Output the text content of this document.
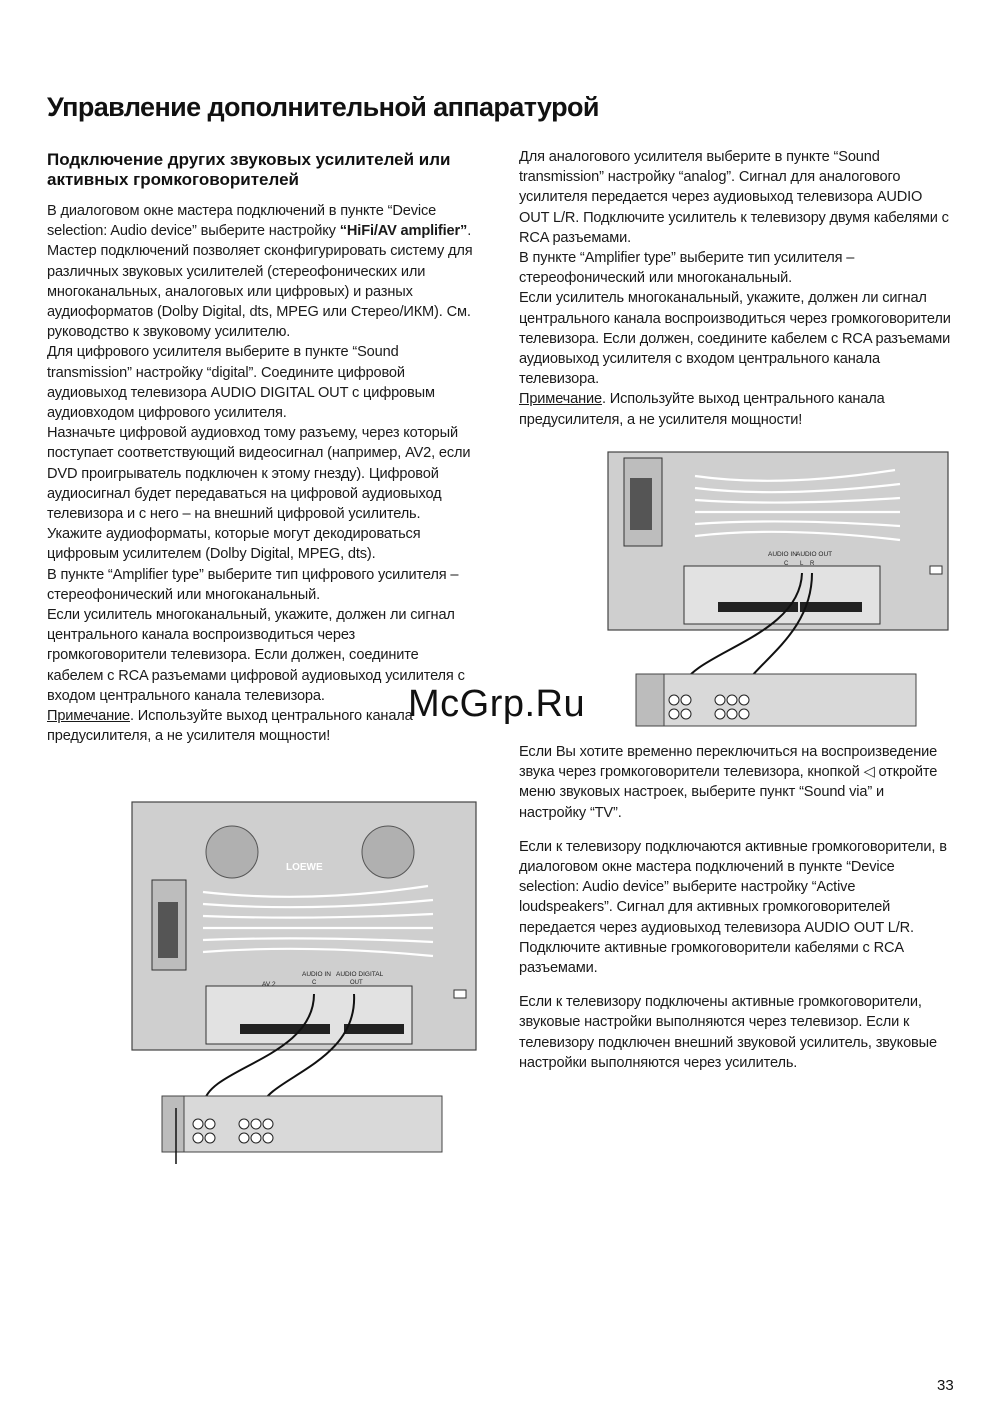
Управление дополнительной аппаратурой
Подключение других звуковых усилителей или активных громкоговорителей

В диалоговом окне мастера подключений в пункте “Device selection: Audio device” выберите настройку “HiFi/AV amplifier”. Мастер подключений позволяет сконфигурировать систему для различных звуковых усилителей (стереофонических или многоканальных, аналоговых или цифровых) и разных аудиоформатов (Dolby Digital, dts, MPEG или Стерео/ИКМ). См. руководство к звуковому усилителю.

Для цифрового усилителя выберите в пункте “Sound transmission” настройку “digital”. Соедините цифровой аудиовыход телевизора AUDIO DIGITAL OUT с цифровым аудиовходом цифрового усилителя.

Назначьте цифровой аудиовход тому разъему, через который поступает соответствующий видеосигнал (например, AV2, если DVD проигрыватель подключен к этому гнезду). Цифровой аудиосигнал будет передаваться на цифровой аудиовыход телевизора и с него – на внешний цифровой усилитель.

Укажите аудиоформаты, которые могут декодироваться цифровым усилителем (Dolby Digital, MPEG, dts).

В пункте “Amplifier type” выберите тип цифрового усилителя – стереофонический или многоканальный.

Если усилитель многоканальный, укажите, должен ли сигнал центрального канала воспроизводиться через громкоговорители телевизора. Если должен, соедините кабелем с RCA разъемами цифровой аудиовыход усилителя с входом центрального канала телевизора.

Примечание. Используйте выход центрального канала предусилителя, а не усилителя мощности!

Для аналогового усилителя выберите в пункте “Sound transmission” настройку “analog”. Сигнал для аналогового усилителя передается через аудиовыход телевизора AUDIO OUT L/R. Подключите усилитель к телевизору двумя кабелями с RCA разъемами.

В пункте “Amplifier type” выберите тип усилителя – стереофонический или многоканальный.

Если усилитель многоканальный, укажите, должен ли сигнал центрального канала воспроизводиться через громкоговорители телевизора. Если должен, соедините кабелем с RCA разъемами аудиовыход усилителя с входом центрального канала телевизора.

Примечание. Используйте выход центрального канала предусилителя, а не усилителя мощности!

Если Вы хотите временно переключиться на воспроизведение звука через громкоговорители телевизора, кнопкой ◁ откройте меню звуковых настроек, выберите пункт “Sound via” и настройку “TV”.

Если к телевизору подключаются активные громкоговорители, в диалоговом окне мастера подключений в пункте “Device selection: Audio device” выберите настройку “Active loudspeakers”. Сигнал для активных громкоговорителей передается через аудиовыход телевизора AUDIO OUT L/R. Подключите активные громкоговорители кабелями с RCA разъемами.

Если к телевизору подключены активные громкоговорители, звуковые настройки выполняются через телевизор. Если к телевизору подключен внешний звуковой усилитель, звуковые настройки выполняются через усилитель.

AUDIO IN AUDIO OUT
C L R
LOEWE
AV 2
AUDIO IN
C
AUDIO DIGITAL
OUT
McGrp.Ru
33
